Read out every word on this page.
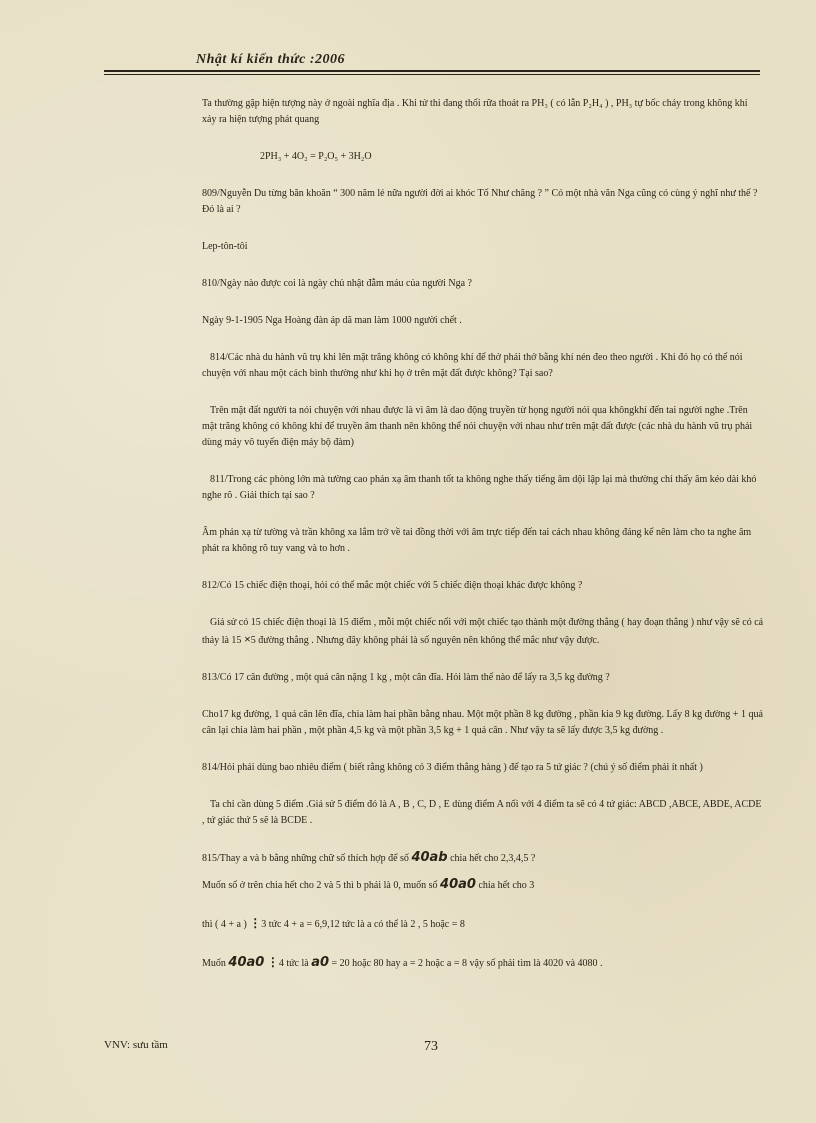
Nhật kí kiến thức :2006

Ta thường gặp hiện tượng này ở ngoài nghĩa địa . Khi tử thi đang thối rữa thoát ra PH₃ ( có lẫn P₂H₄ ) , PH₃ tự bốc cháy trong không khí xảy ra hiện tượng phát quang

2PH₃ + 4O₂ = P₂O₅ + 3H₂O

809/Nguyễn Du từng băn khoăn “ 300 năm lẻ nữa người đời ai khóc Tố Như chăng ? ” Có một nhà văn Nga cũng có cùng ý nghĩ như thế ? Đó là ai ?

Lep-tôn-tôi

810/Ngày nào được coi là ngày chủ nhật đẫm máu của người Nga ?

Ngày 9-1-1905 Nga Hoàng đàn áp dã man làm 1000 người chết .

814/Các nhà du hành vũ trụ khi lên mặt trăng không có không khí để thở phải thở bằng khí nén đeo theo người . Khi đó họ có thể nói chuyện với nhau một cách bình thường như khi họ ở trên mặt đất được không? Tại sao?

Trên mặt đất người ta nói chuyện với nhau được là vì âm là dao động truyền từ họng người nói qua khôngkhí đến tai người nghe .Trên mặt trăng không có không khí để truyền âm thanh nên không thể nói chuyện với nhau như trên mặt đất được (các nhà du hành vũ trụ phải dùng máy vô tuyến điện máy bộ đàm)

811/Trong các phòng lớn mà tường cao phản xạ âm thanh tốt ta không nghe thấy tiếng âm dội lập lại mà thường chỉ thấy âm kéo dài khó nghe rõ . Giải thích tại sao ?

Âm phản xạ từ tường và trần không xa lắm trở về tai đồng thời với âm trực tiếp đến tai cách nhau không đáng kể nên làm cho ta nghe âm phát ra không rõ tuy vang và to hơn .

812/Có 15 chiếc điện thoại, hỏi có thể mắc một chiếc với 5 chiếc điện thoại khác được không ?

Giả sử có 15 chiếc điện thoại là 15 điểm , mỗi một chiếc nối với một chiếc tạo thành một đường thẳng ( hay đoạn thẳng ) như vậy sẽ có cả thảy là 15 ×5 đường thẳng . Nhưng đây không phải là số nguyên nên không thể mắc như vậy được.

813/Có 17 cân đường , một quả cân nặng 1 kg , một cân đĩa. Hỏi làm thế nào để lấy ra 3,5 kg đường ?

Cho17 kg đường, 1 quả cân lên đĩa, chia làm hai phần bằng nhau. Một một phần 8 kg đường , phần kia 9 kg đường. Lấy 8 kg đường + 1 quả cân lại chia làm hai phần , một phần 4,5 kg và một phần 3,5 kg + 1 quả cân . Như vậy ta sẽ lấy được 3,5 kg đường .

814/Hỏi phải dùng bao nhiêu điểm ( biết rằng không có 3 điểm thẳng hàng ) để tạo ra 5 tứ giác ? (chú ý số điểm phải ít nhất )

Ta chỉ cần dùng 5 điểm .Giả sử 5 điểm đó là A , B , C, D , E dùng điểm A nối với 4 điểm ta sẽ có 4 tứ giác: ABCD ,ABCE, ABDE, ACDE , tứ giác thứ 5 sẽ là BCDE .

815/Thay a và b bằng những chữ số thích hợp để số 40ab chia hết cho 2,3,4,5 ?

Muốn số ở trên chia hết cho 2 và 5 thì b phải là 0, muốn số 40a0 chia hết cho 3

thì ( 4 + a ) ⋮3 tức 4 + a = 6,9,12 tức là a có thể là 2 , 5 hoặc = 8

Muốn 40a0 ⋮4 tức là a0 = 20 hoặc 80 hay a = 2 hoặc a = 8 vậy số phải tìm là 4020 và 4080 .

VNV: sưu tầm	73
